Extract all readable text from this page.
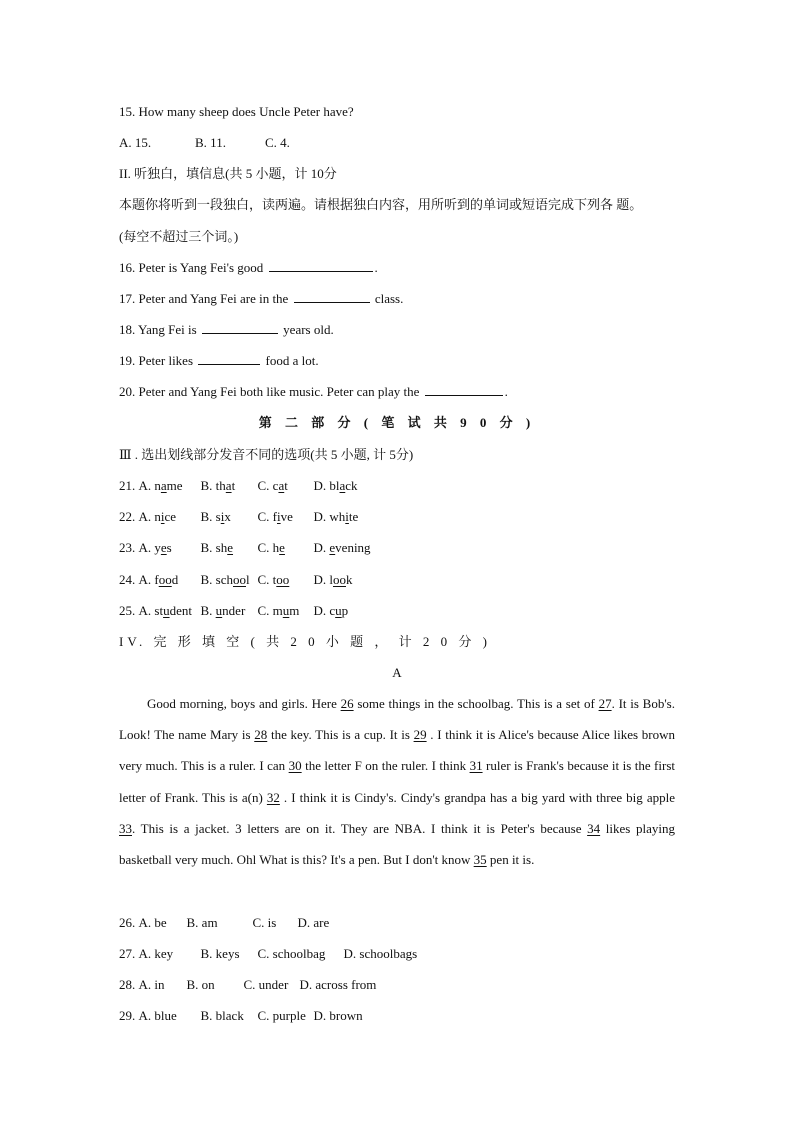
15. How many sheep does Uncle Peter have?
A. 15.	B. 11.	C. 4.
II. 听独白，填信息(共 5 小题，计 10分
本题你将听到一段独白，读两遍。请根据独白内容，用所听到的单词或短语完成下列各 题。
(每空不超过三个词。)
16. Peter is Yang Fei's good	.
17. Peter and Yang Fei are in the	class.
18. Yang Fei is	years old.
19. Peter likes	food a lot.
20. Peter and Yang Fei both like music. Peter can play the	.
第 二 部 分 ( 笔 试 共 9 0 分 )
Ⅲ . 选出划线部分发音不同的选项(共 5 小题, 计 5分)
21. A. name B. that C. cat D. black
22. A. nice B. six C. five D. white
23. A. yes B. she C. he D. evening
24. A. food B. school C. too D. look
25. A. student B. under C. mum D. cup
IV. 完 形 填 空 ( 共 2 0 小 题 ， 计 2 0 分 )
A

Good morning, boys and girls. Here 26 some things in the schoolbag. This is a set of 27. It is Bob's. Look! The name Mary is 28 the key. This is a cup. It is 29 . I think it is Alice's because Alice likes brown very much. This is a ruler. I can 30 the letter F on the ruler. I think 31 ruler is Frank's because it is the first letter of Frank. This is a(n) 32 . I think it is Cindy's. Cindy's grandpa has a big yard with three big apple 33. This is a jacket. 3 letters are on it. They are NBA. I think it is Peter's because 34 likes playing basketball very much. Ohl What is this? It's a pen. But I don't know 35 pen it is.

26. A. be B. am	C. is D. are
27. A. key B. keys C. schoolbag D. schoolbags
28. A. in B. on C. under D. across from
29. A. blue B. black C. purple D. brown
